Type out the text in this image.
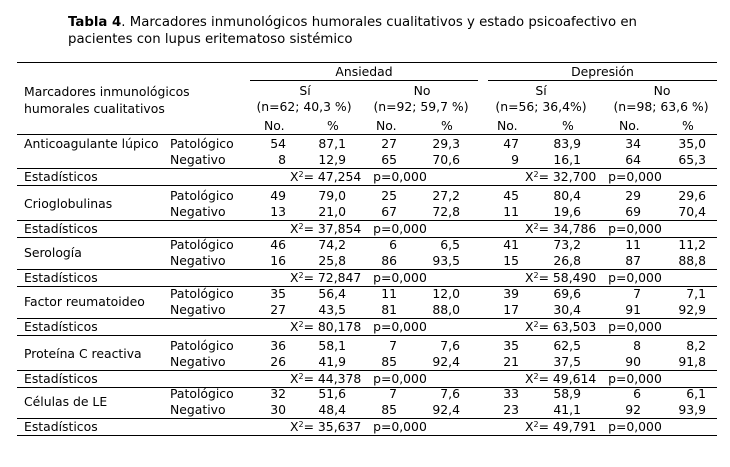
Tabla 4. Marcadores inmunológicos humorales cualitativos y estado psicoafectivo en pacientes con lupus eritematoso sistémico
Ansiedad	Depresión
Marcadores inmunológicos humorales cualitativos
Sí	No	Sí	No
(n=62; 40,3 %)	(n=92; 59,7 %)	(n=56; 36,4%)	(n=98; 63,6 %)
No.	%	No.	%	No.	%	No.	%
Anticoagulante lúpico Patológico	54	87,1	27	29,3	47	83,9	34	35,0
Negativo	8	12,9	65	70,6	9	16,1	64	65,3
Estadísticos	$X^2= 47,254$ p=0,000	$X^2= 32,700$ p=0,000
Crioglobulinas
Patológico	49	79,0	25	27,2	45	80,4	29	29,6
Negativo	13	21,0	67	72,8	11	19,6	69	70,4
Estadísticos	$X^2= 37,854$ p=0,000	$X^2= 34,786$ p=0,000
Serología
Patológico	46	74,2	6	6,5	41	73,2	11	11,2
Negativo	16	25,8	86	93,5	15	26,8	87	88,8
Estadísticos	$X^2= 72,847$ p=0,000	$X^2= 58,490$ p=0,000
Factor reumatoideo
Patológico	35	56,4	11	12,0	39	69,6	7	7,1
Negativo	27	43,5	81	88,0	17	30,4	91	92,9
Estadísticos	$X^2= 80,178$ p=0,000	$X^2= 63,503$ p=0,000
Proteína C reactiva
Patológico	36	58,1	7	7,6	35	62,5	8	8,2
Negativo	26	41,9	85	92,4	21	37,5	90	91,8
Estadísticos	$X^2= 44,378$ p=0,000	$X^2= 49,614$ p=0,000
Células de LE
Patológico	32	51,6	7	7,6	33	58,9	6	6,1
Negativo	30	48,4	85	92,4	23	41,1	92	93,9
Estadísticos	$X^2= 35,637$ p=0,000	$X^2= 49,791$ p=0,000
